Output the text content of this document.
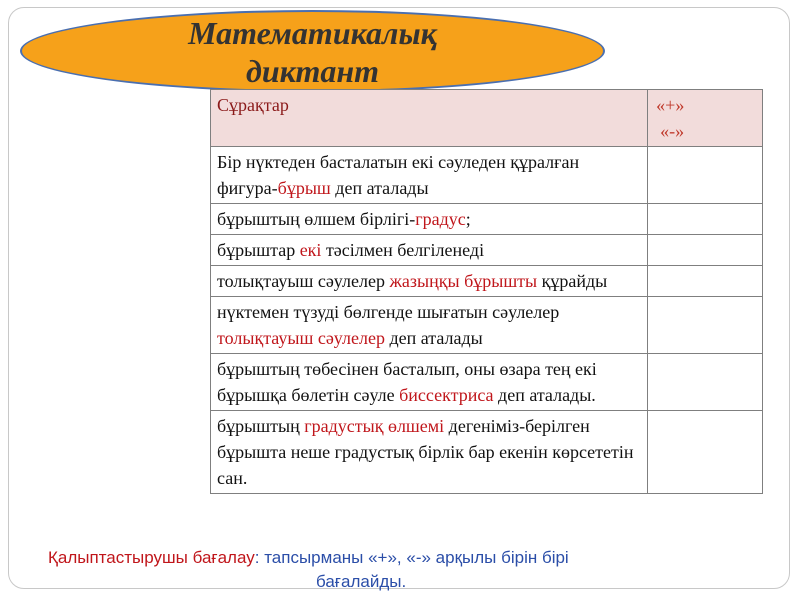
Математикалық
диктант
Сұрақтар	«+»
«-»

Бір нүктеден басталатын екі сәуледен құралған фигура-бұрыш деп аталады	
бұрыштың өлшем бірлігі-градус;	
бұрыштар екі тәсілмен белгіленеді	
толықтауыш сәулелер жазыңқы бұрышты құрайды	
нүктемен түзуді бөлгенде шығатын сәулелер толықтауыш сәулелер деп аталады	
бұрыштың төбесінен басталып, оны өзара тең екі бұрышқа бөлетін сәуле биссектриса деп аталады.	
бұрыштың градустық өлшемі дегеніміз-берілген бұрышта неше градустық бірлік бар екенін көрсететін сан.	
Қалыптастырушы бағалау: тапсырманы «+», «-» арқылы бірін бірі
бағалайды.
